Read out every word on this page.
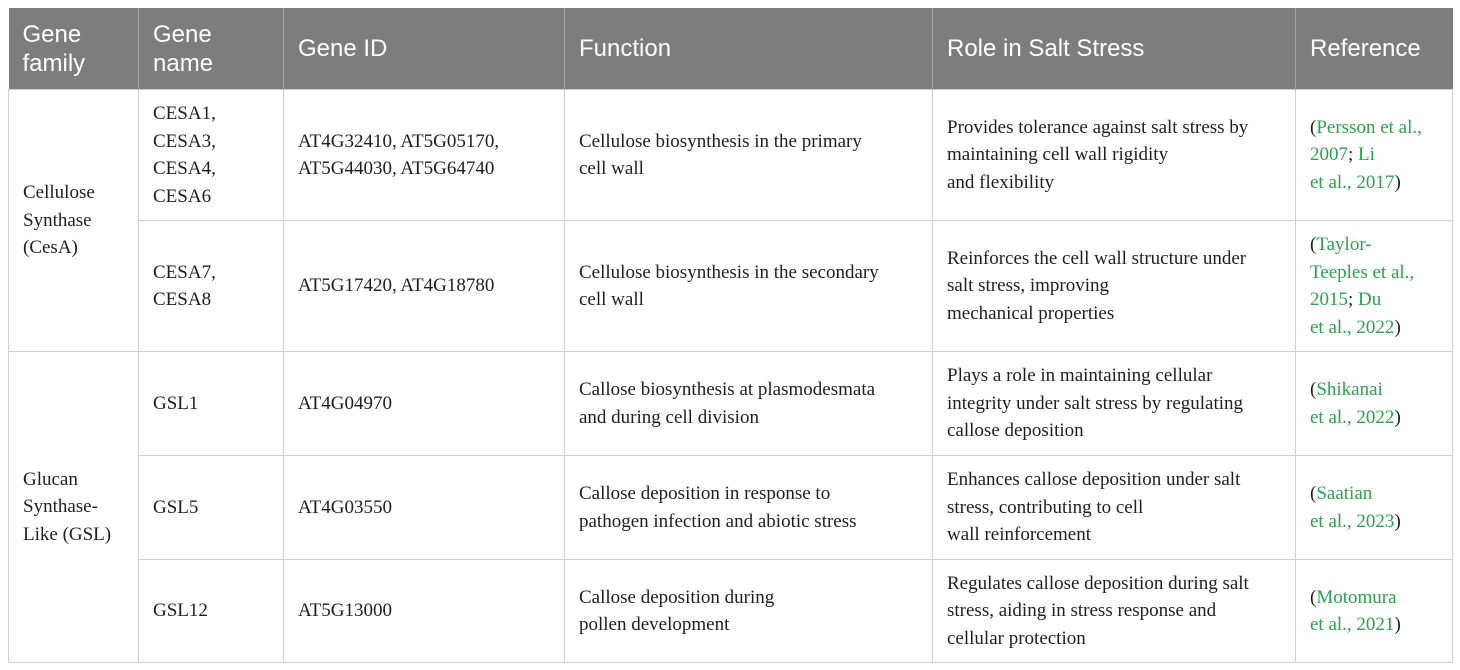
Gene
family	Gene
name	Gene ID	Function	Role in Salt Stress	Reference

Cellulose
Synthase
(CesA)	CESA1,
CESA3,
CESA4,
CESA6	AT4G32410, AT5G05170,
AT5G44030, AT5G64740	Cellulose biosynthesis in the primary
cell wall	Provides tolerance against salt stress by
maintaining cell wall rigidity
and flexibility	(Persson et al.,
2007; Li
et al., 2017)

	CESA7,
CESA8	AT5G17420, AT4G18780	Cellulose biosynthesis in the secondary
cell wall	Reinforces the cell wall structure under
salt stress, improving
mechanical properties	(Taylor-
Teeples et al.,
2015; Du
et al., 2022)

Glucan
Synthase-
Like (GSL)	GSL1	AT4G04970	Callose biosynthesis at plasmodesmata
and during cell division	Plays a role in maintaining cellular
integrity under salt stress by regulating
callose deposition	(Shikanai
et al., 2022)

	GSL5	AT4G03550	Callose deposition in response to
pathogen infection and abiotic stress	Enhances callose deposition under salt
stress, contributing to cell
wall reinforcement	(Saatian
et al., 2023)

	GSL12	AT5G13000	Callose deposition during
pollen development	Regulates callose deposition during salt
stress, aiding in stress response and
cellular protection	(Motomura
et al., 2021)
